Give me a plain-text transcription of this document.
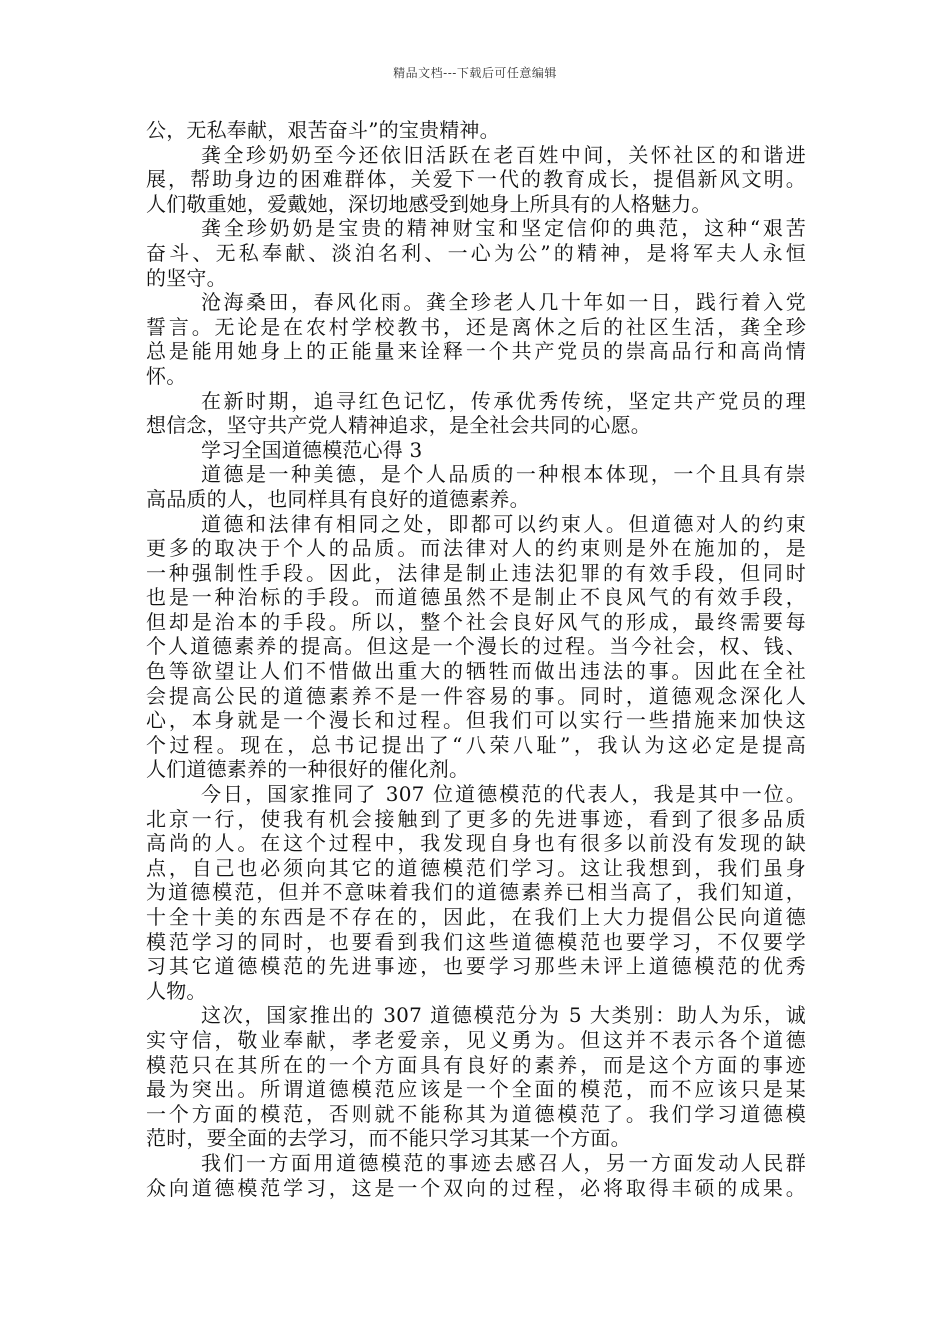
精品文档---下载后可任意编辑
公，无私奉献，艰苦奋斗”的宝贵精神。
龚全珍奶奶至今还依旧活跃在老百姓中间，关怀社区的和谐进
展，帮助身边的困难群体，关爱下一代的教育成长，提倡新风文明。
人们敬重她，爱戴她，深切地感受到她身上所具有的人格魅力。
龚全珍奶奶是宝贵的精神财宝和坚定信仰的典范，这种“艰苦
奋斗、无私奉献、淡泊名利、一心为公”的精神，是将军夫人永恒
的坚守。
沧海桑田，春风化雨。龚全珍老人几十年如一日，践行着入党
誓言。无论是在农村学校教书，还是离休之后的社区生活，龚全珍
总是能用她身上的正能量来诠释一个共产党员的崇高品行和高尚情
怀。
在新时期，追寻红色记忆，传承优秀传统，坚定共产党员的理
想信念，坚守共产党人精神追求，是全社会共同的心愿。
学习全国道德模范心得 3
道德是一种美德，是个人品质的一种根本体现，一个且具有崇
高品质的人，也同样具有良好的道德素养。
道德和法律有相同之处，即都可以约束人。但道德对人的约束
更多的取决于个人的品质。而法律对人的约束则是外在施加的，是
一种强制性手段。因此，法律是制止违法犯罪的有效手段，但同时
也是一种治标的手段。而道德虽然不是制止不良风气的有效手段，
但却是治本的手段。所以，整个社会良好风气的形成，最终需要每
个人道德素养的提高。但这是一个漫长的过程。当今社会，权、钱、
色等欲望让人们不惜做出重大的牺牲而做出违法的事。因此在全社
会提高公民的道德素养不是一件容易的事。同时，道德观念深化人
心，本身就是一个漫长和过程。但我们可以实行一些措施来加快这
个过程。现在，总书记提出了“八荣八耻”，我认为这必定是提高
人们道德素养的一种很好的催化剂。
今日，国家推同了 307 位道德模范的代表人，我是其中一位。
北京一行，使我有机会接触到了更多的先进事迹，看到了很多品质
高尚的人。在这个过程中，我发现自身也有很多以前没有发现的缺
点，自己也必须向其它的道德模范们学习。这让我想到，我们虽身
为道德模范，但并不意味着我们的道德素养已相当高了，我们知道，
十全十美的东西是不存在的，因此，在我们上大力提倡公民向道德
模范学习的同时，也要看到我们这些道德模范也要学习，不仅要学
习其它道德模范的先进事迹，也要学习那些未评上道德模范的优秀
人物。
这次，国家推出的 307 道德模范分为 5 大类别：助人为乐，诚
实守信，敬业奉献，孝老爱亲，见义勇为。但这并不表示各个道德
模范只在其所在的一个方面具有良好的素养，而是这个方面的事迹
最为突出。所谓道德模范应该是一个全面的模范，而不应该只是某
一个方面的模范，否则就不能称其为道德模范了。我们学习道德模
范时，要全面的去学习，而不能只学习其某一个方面。
我们一方面用道德模范的事迹去感召人，另一方面发动人民群
众向道德模范学习，这是一个双向的过程，必将取得丰硕的成果。
